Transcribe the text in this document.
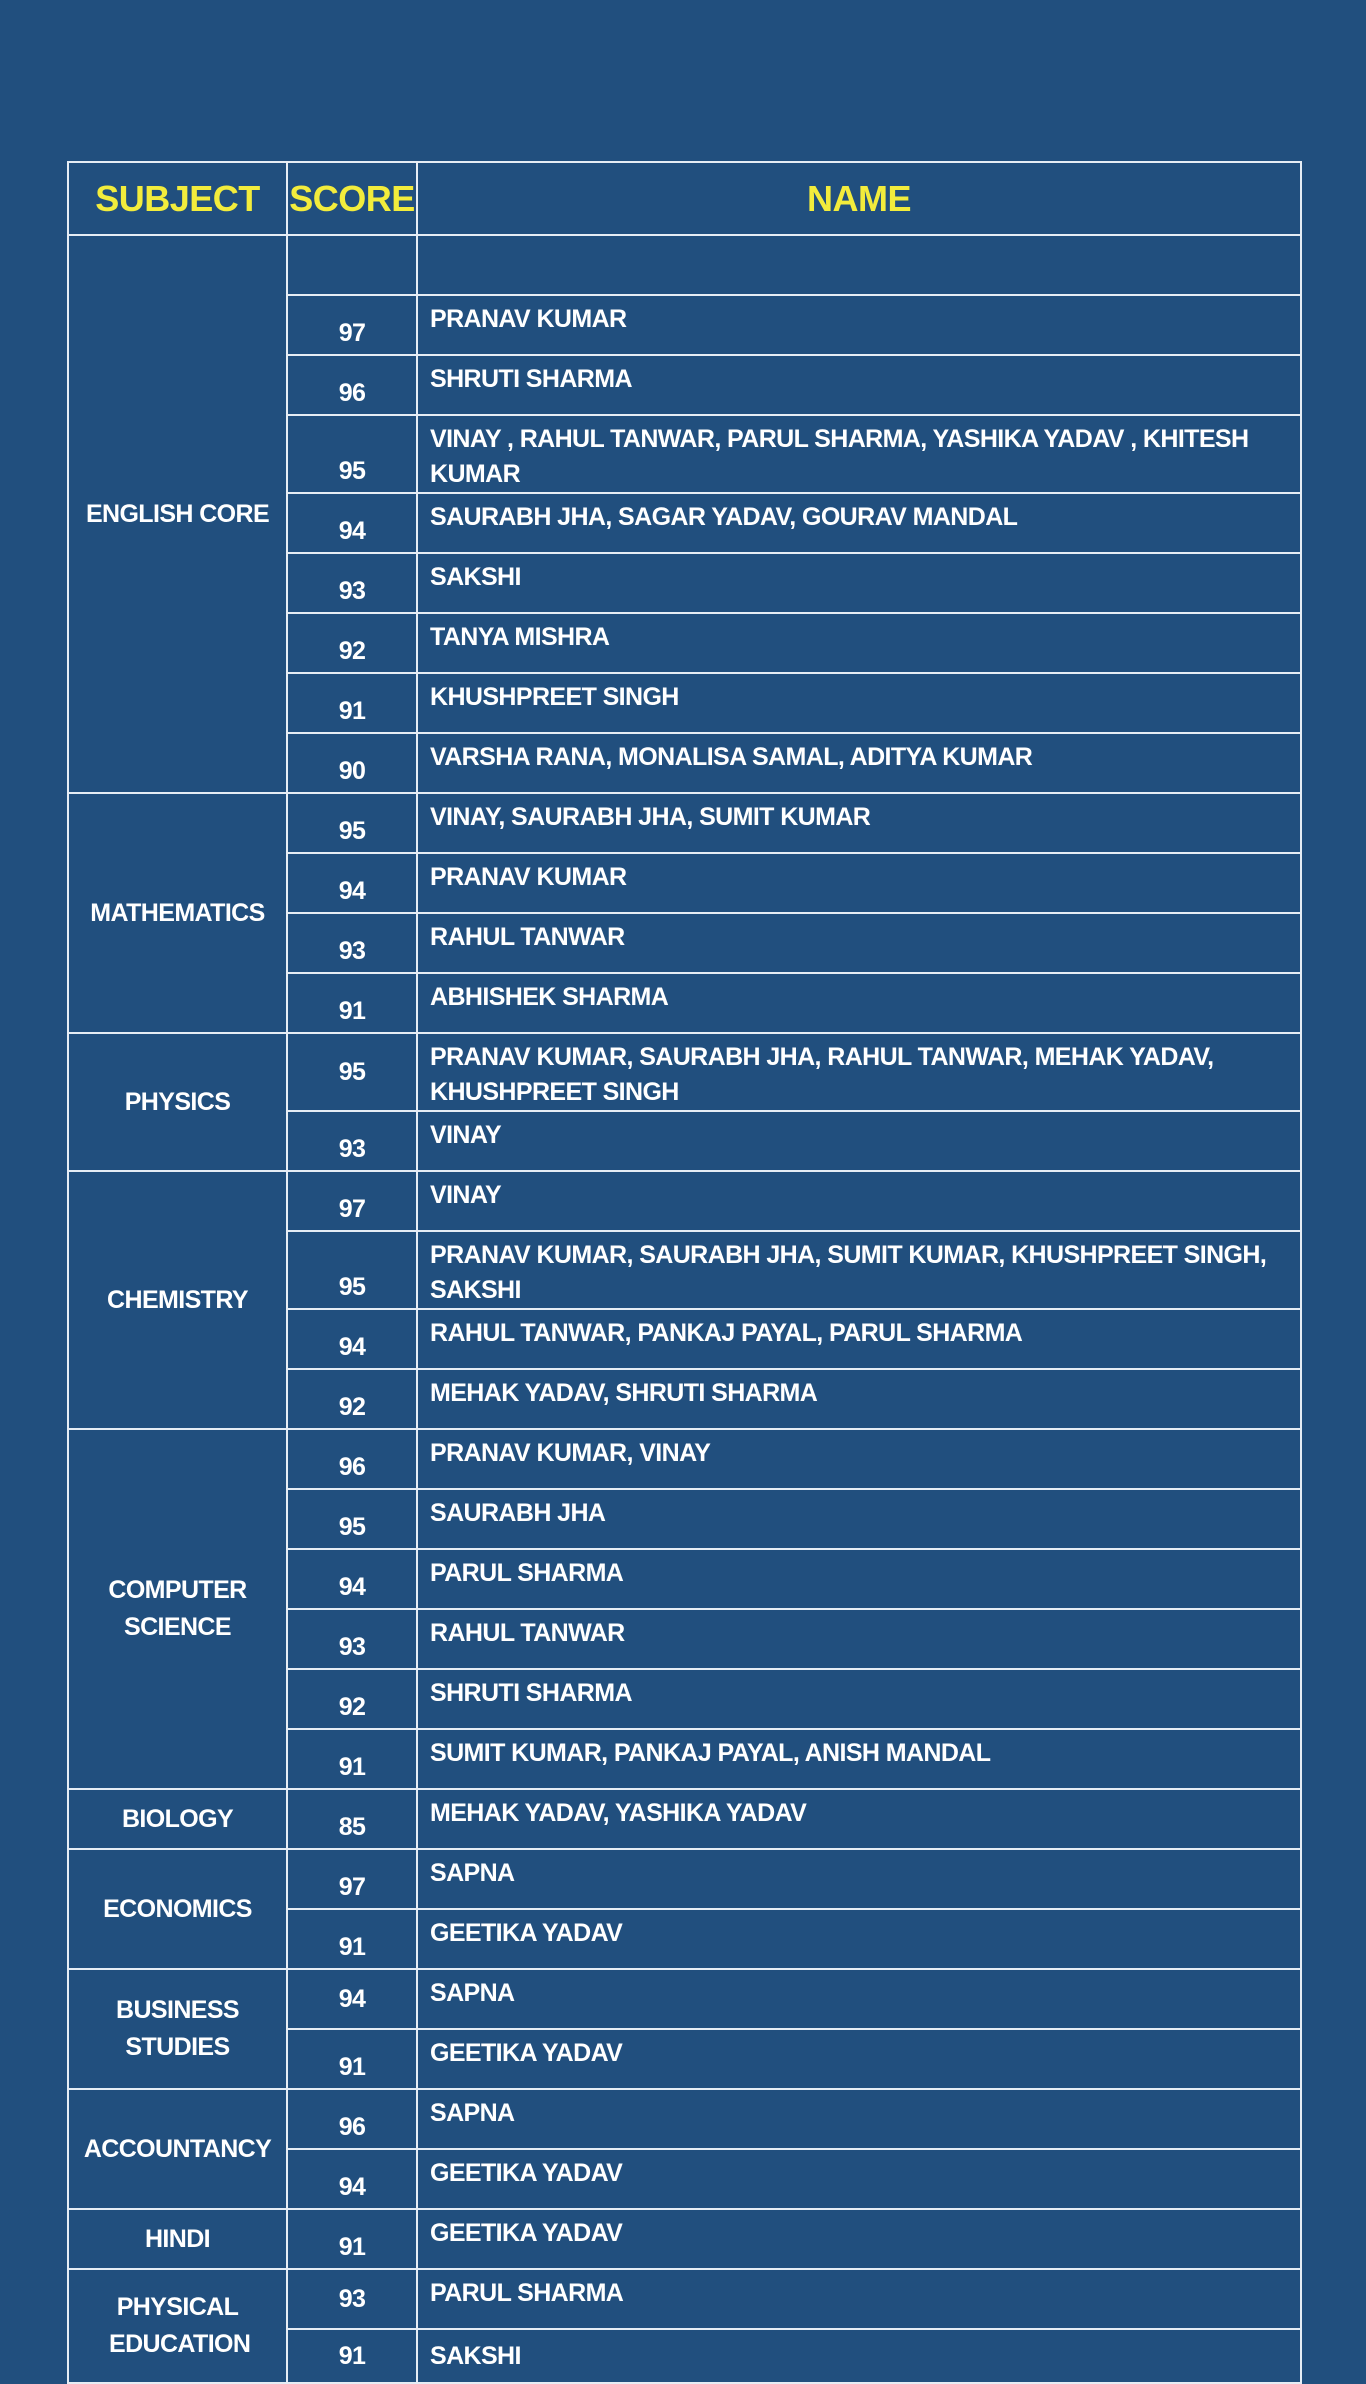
SUBJECT	SCORE	NAME
ENGLISH CORE		
	97	PRANAV KUMAR
	96	SHRUTI SHARMA
	95	VINAY , RAHUL TANWAR, PARUL SHARMA, YASHIKA YADAV , KHITESH KUMAR
	94	SAURABH JHA, SAGAR YADAV, GOURAV MANDAL
	93	SAKSHI
	92	TANYA MISHRA
	91	KHUSHPREET SINGH
	90	VARSHA RANA, MONALISA SAMAL, ADITYA KUMAR
MATHEMATICS	95	VINAY, SAURABH JHA, SUMIT KUMAR
	94	PRANAV KUMAR
	93	RAHUL TANWAR
	91	ABHISHEK SHARMA
PHYSICS	95	PRANAV KUMAR, SAURABH JHA, RAHUL TANWAR, MEHAK YADAV, KHUSHPREET SINGH
	93	VINAY
CHEMISTRY	97	VINAY
	95	PRANAV KUMAR, SAURABH JHA, SUMIT KUMAR, KHUSHPREET SINGH, SAKSHI
	94	RAHUL TANWAR, PANKAJ PAYAL, PARUL SHARMA
	92	MEHAK YADAV, SHRUTI SHARMA
COMPUTER SCIENCE	96	PRANAV KUMAR, VINAY
	95	SAURABH JHA
	94	PARUL SHARMA
	93	RAHUL TANWAR
	92	SHRUTI SHARMA
	91	SUMIT KUMAR, PANKAJ PAYAL, ANISH MANDAL
BIOLOGY	85	MEHAK YADAV, YASHIKA YADAV
ECONOMICS	97	SAPNA
	91	GEETIKA YADAV
BUSINESS STUDIES	94	SAPNA
	91	GEETIKA YADAV
ACCOUNTANCY	96	SAPNA
	94	GEETIKA YADAV
HINDI	91	GEETIKA YADAV
PHYSICAL EDUCATION	93	PARUL SHARMA
	91	SAKSHI
